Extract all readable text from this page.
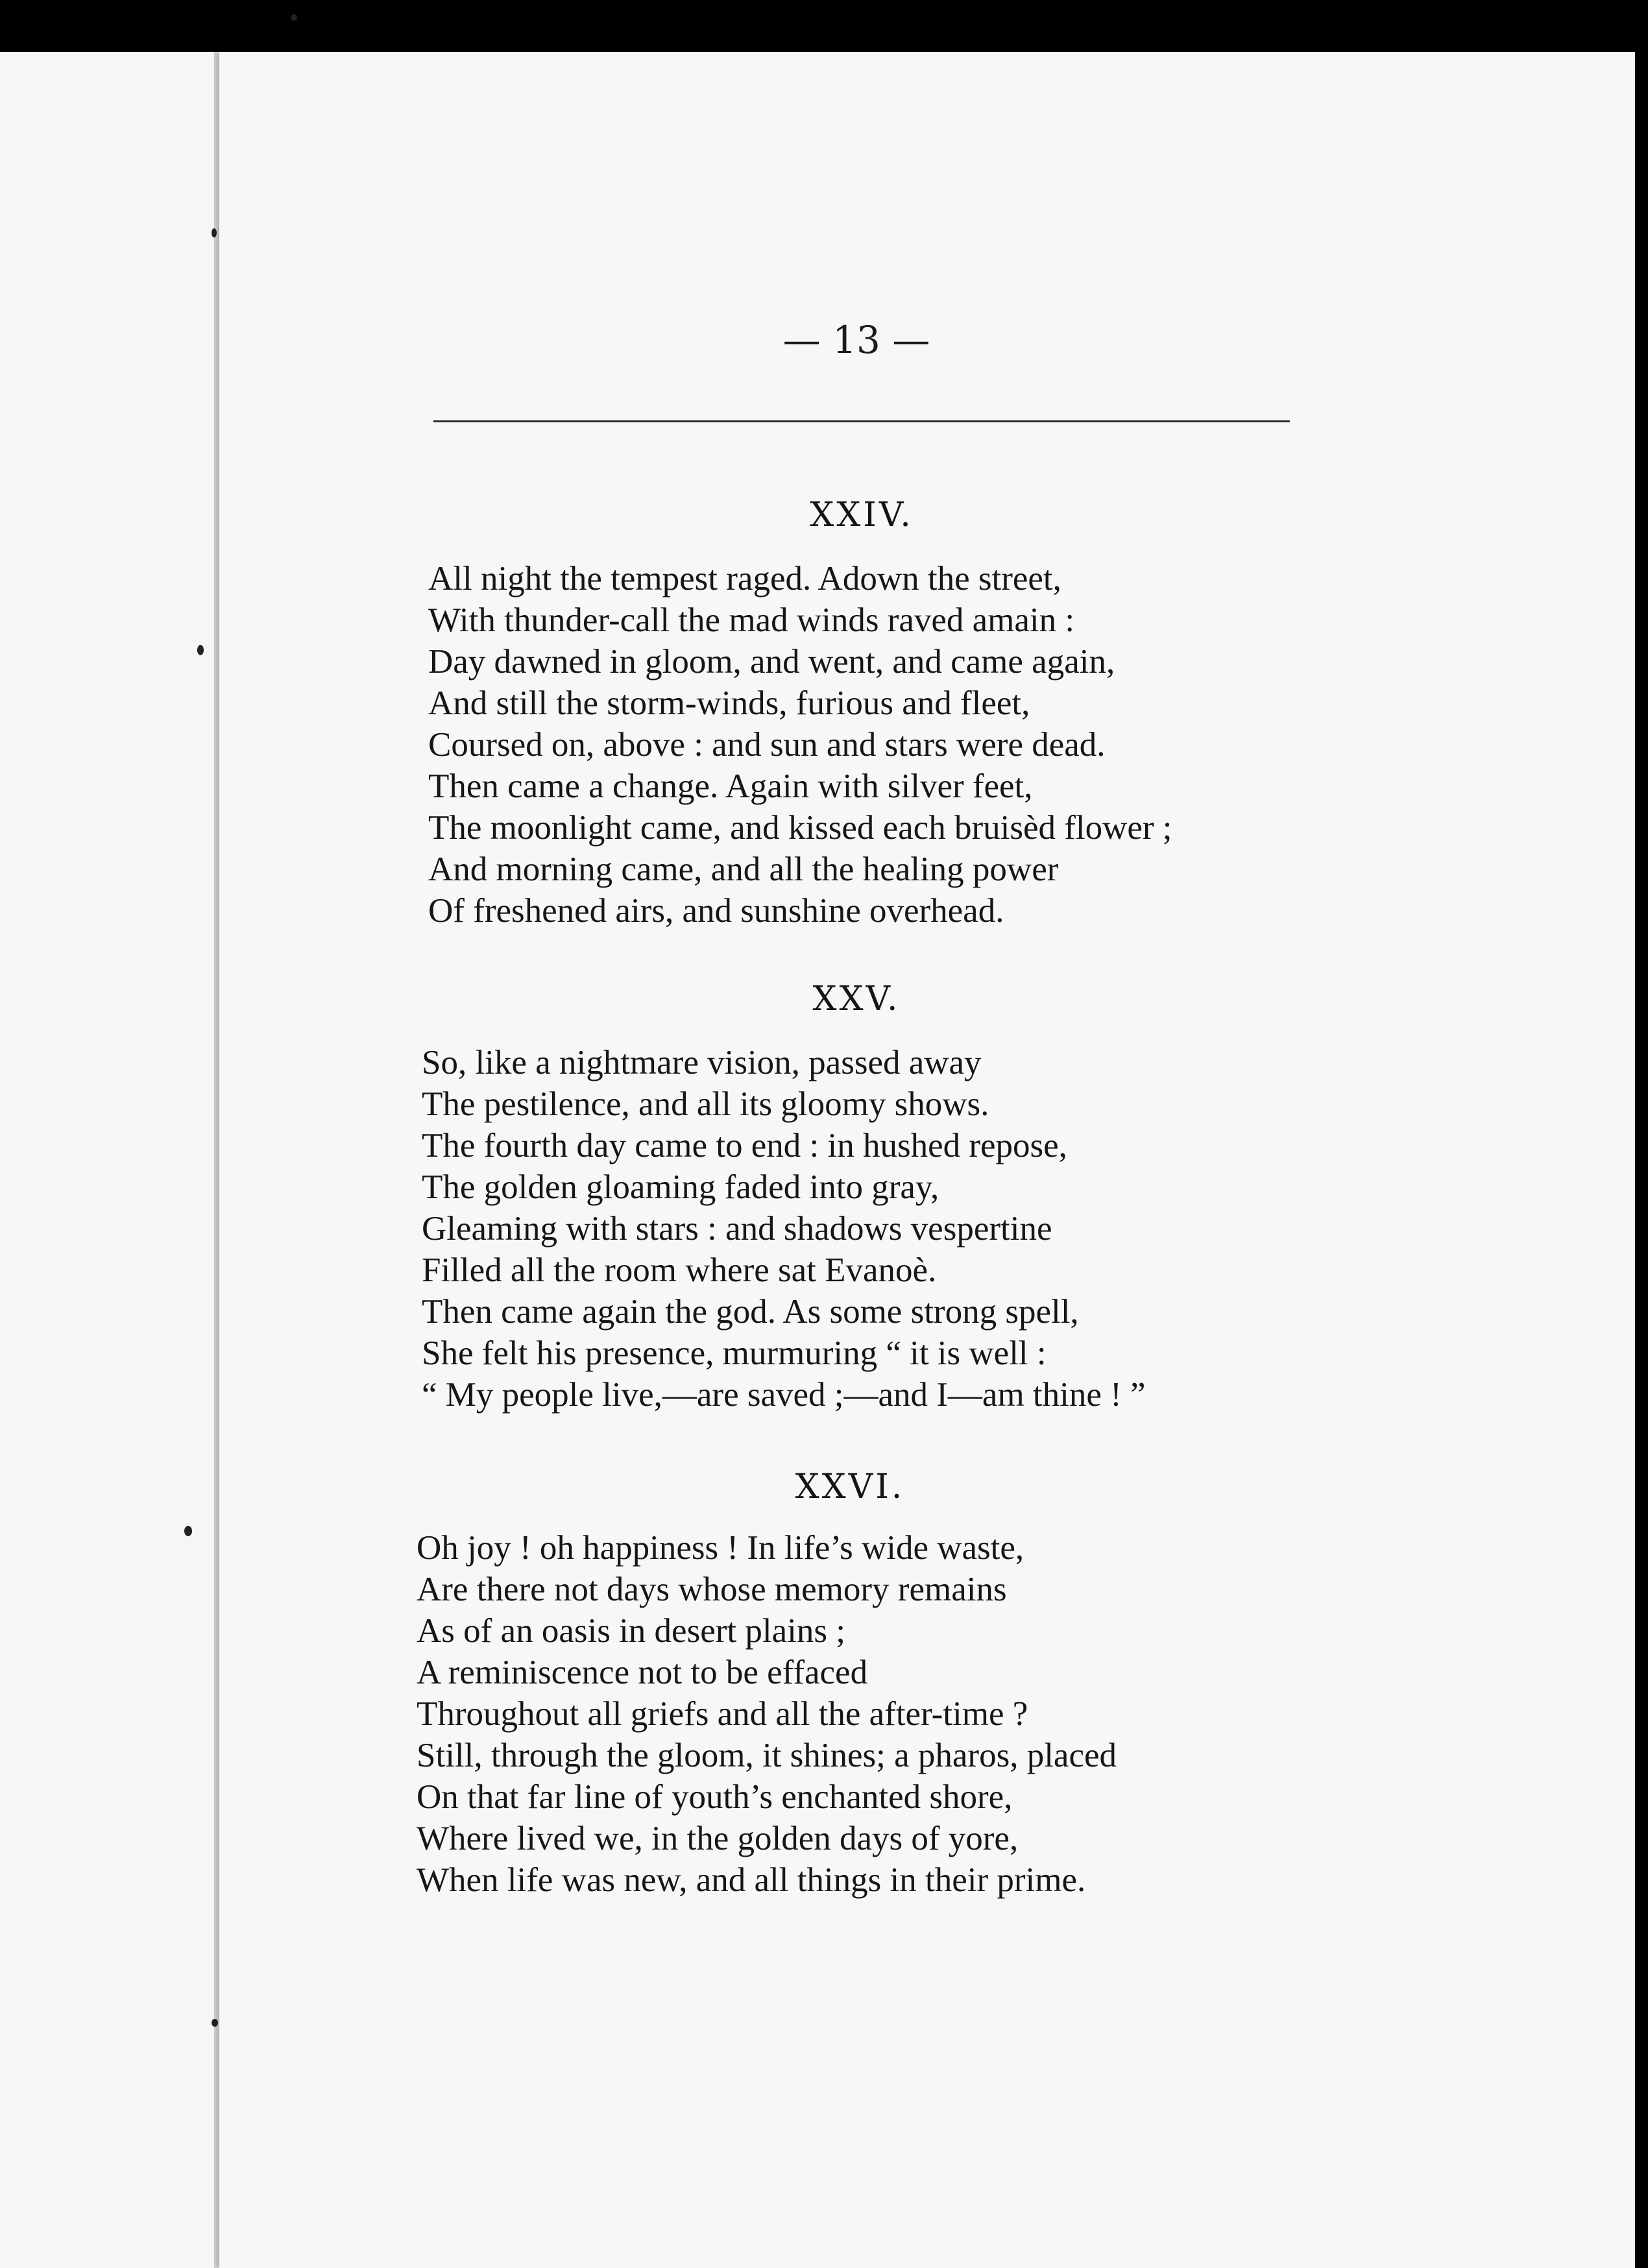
— 13 —
XXIV.
All night the tempest raged. Adown the street,
With thunder-call the mad winds raved amain :
Day dawned in gloom, and went, and came again,
And still the storm-winds, furious and fleet,
Coursed on, above : and sun and stars were dead.
Then came a change. Again with silver feet,
The moonlight came, and kissed each bruisèd flower ;
And morning came, and all the healing power
Of freshened airs, and sunshine overhead.
XXV.
So, like a nightmare vision, passed away
The pestilence, and all its gloomy shows.
The fourth day came to end : in hushed repose,
The golden gloaming faded into gray,
Gleaming with stars : and shadows vespertine
Filled all the room where sat Evanoè.
Then came again the god. As some strong spell,
She felt his presence, murmuring “ it is well :
“ My people live,—are saved ;—and I—am thine ! ”
XXVI.
Oh joy ! oh happiness ! In life’s wide waste,
Are there not days whose memory remains
As of an oasis in desert plains ;
A reminiscence not to be effaced
Throughout all griefs and all the after-time ?
Still, through the gloom, it shines; a pharos, placed
On that far line of youth’s enchanted shore,
Where lived we, in the golden days of yore,
When life was new, and all things in their prime.
